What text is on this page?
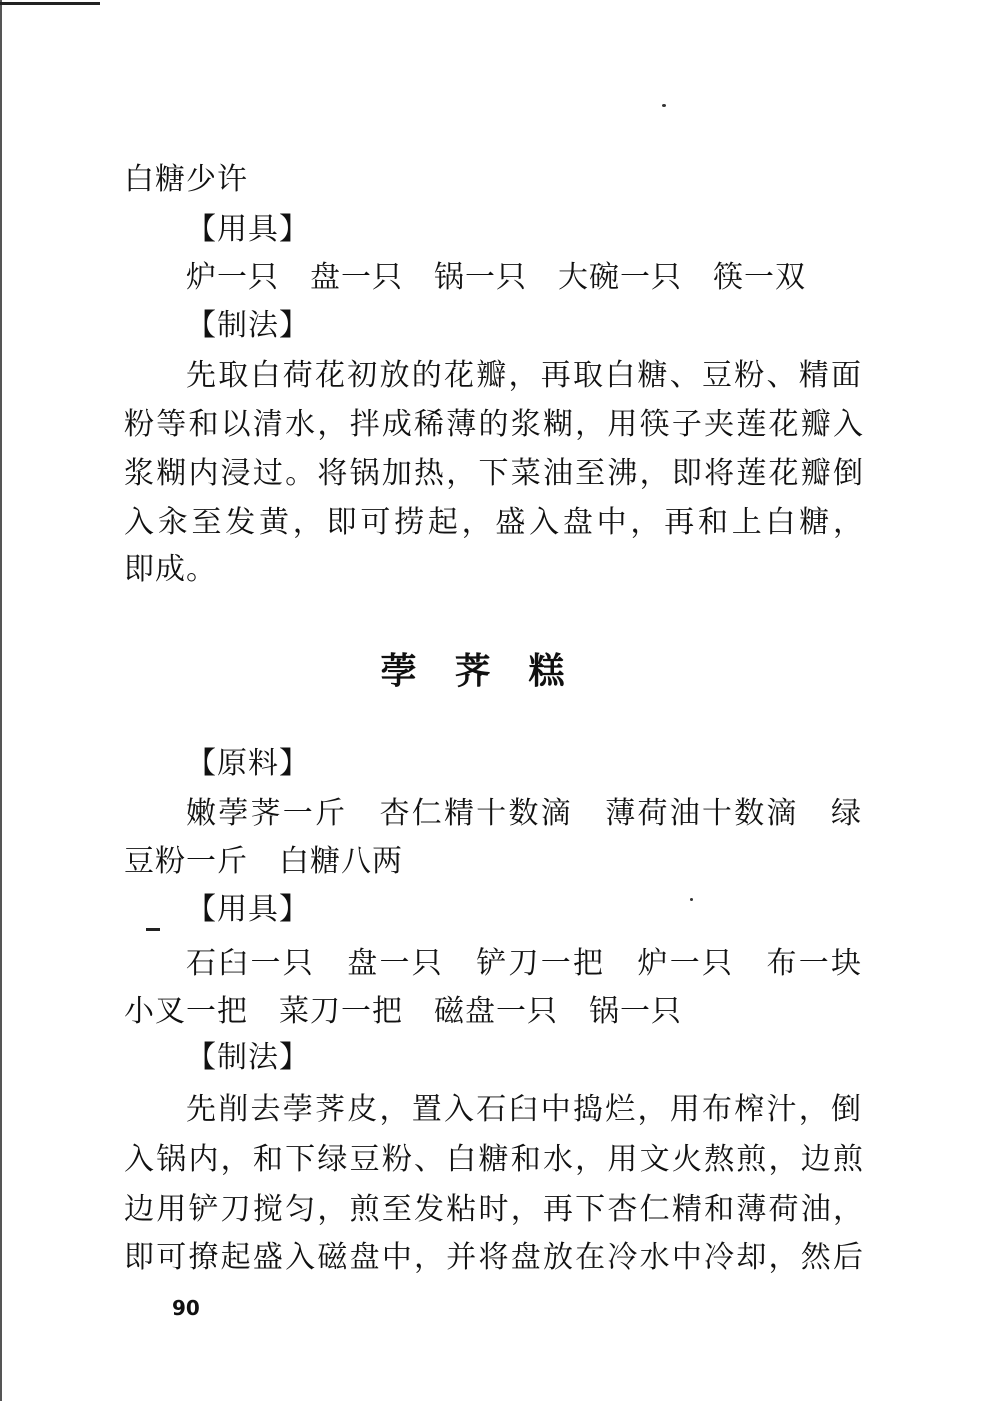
白糖少许
【用具】
炉一只　盘一只　锅一只　大碗一只　筷一双
【制法】
先取白荷花初放的花瓣，再取白糖、豆粉、精面
粉等和以清水，拌成稀薄的浆糊，用筷子夹莲花瓣入
浆糊内浸过。将锅加热，下菜油至沸，即将莲花瓣倒
入汆至发黄，即可捞起，盛入盘中，再和上白糖，
即成。
荸荠糕
【原料】
嫩荸荠一斤　杏仁精十数滴　薄荷油十数滴　绿
豆粉一斤　白糖八两
【用具】
石臼一只　盘一只　铲刀一把　炉一只　布一块
小叉一把　菜刀一把　磁盘一只　锅一只
【制法】
先削去荸荠皮，置入石臼中捣烂，用布榨汁，倒
入锅内，和下绿豆粉、白糖和水，用文火熬煎，边煎
边用铲刀搅匀，煎至发粘时，再下杏仁精和薄荷油，
即可撩起盛入磁盘中，并将盘放在冷水中冷却，然后
90
